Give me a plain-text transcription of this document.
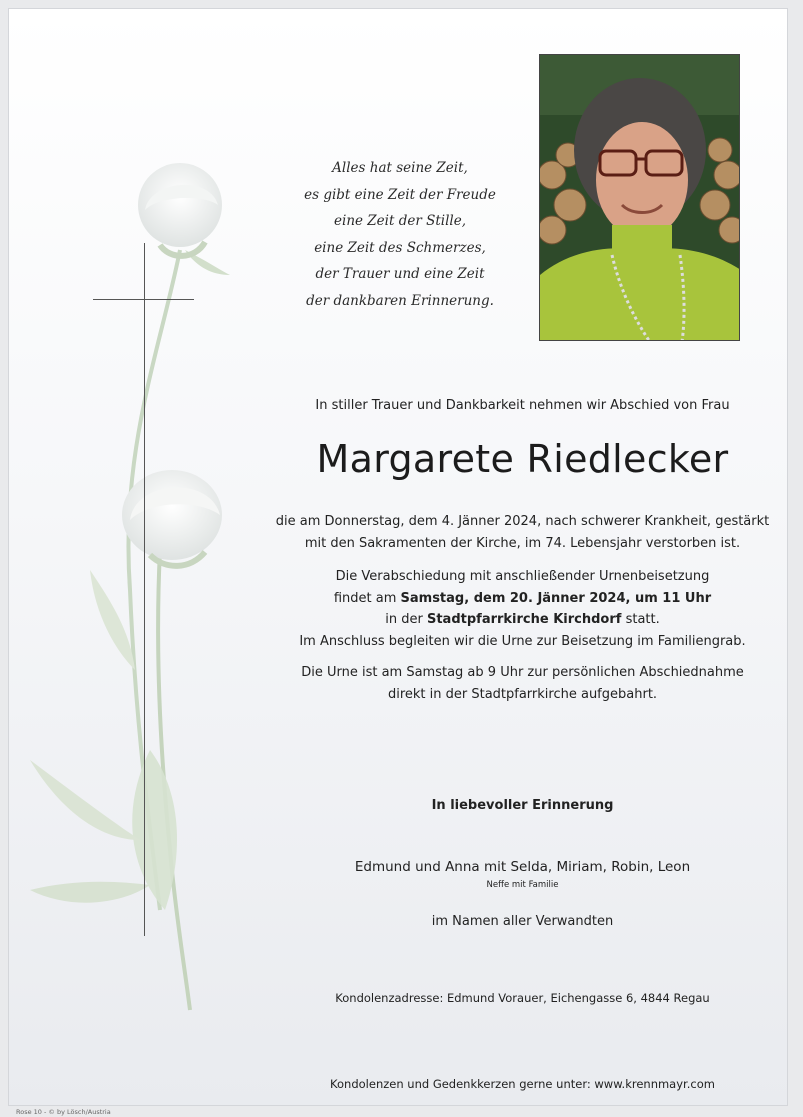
Alles hat seine Zeit,
es gibt eine Zeit der Freude
eine Zeit der Stille,
eine Zeit des Schmerzes,
der Trauer und eine Zeit
der dankbaren Erinnerung.
In stiller Trauer und Dankbarkeit nehmen wir Abschied von Frau
Margarete Riedlecker
die am Donnerstag, dem 4. Jänner 2024, nach schwerer Krankheit, gestärkt
mit den Sakramenten der Kirche, im 74. Lebensjahr verstorben ist.
Die Verabschiedung mit anschließender Urnenbeisetzung
findet am Samstag, dem 20. Jänner 2024, um 11 Uhr
in der Stadtpfarrkirche Kirchdorf statt.
Im Anschluss begleiten wir die Urne zur Beisetzung im Familiengrab.
Die Urne ist am Samstag ab 9 Uhr zur persönlichen Abschiednahme
direkt in der Stadtpfarrkirche aufgebahrt.
In liebevoller Erinnerung
Edmund und Anna mit Selda, Miriam, Robin, Leon
Neffe mit Familie
im Namen aller Verwandten
Kondolenzadresse: Edmund Vorauer, Eichengasse 6, 4844 Regau
Kondolenzen und Gedenkkerzen gerne unter: www.krennmayr.com
Rose 10 - © by Lösch/Austria
